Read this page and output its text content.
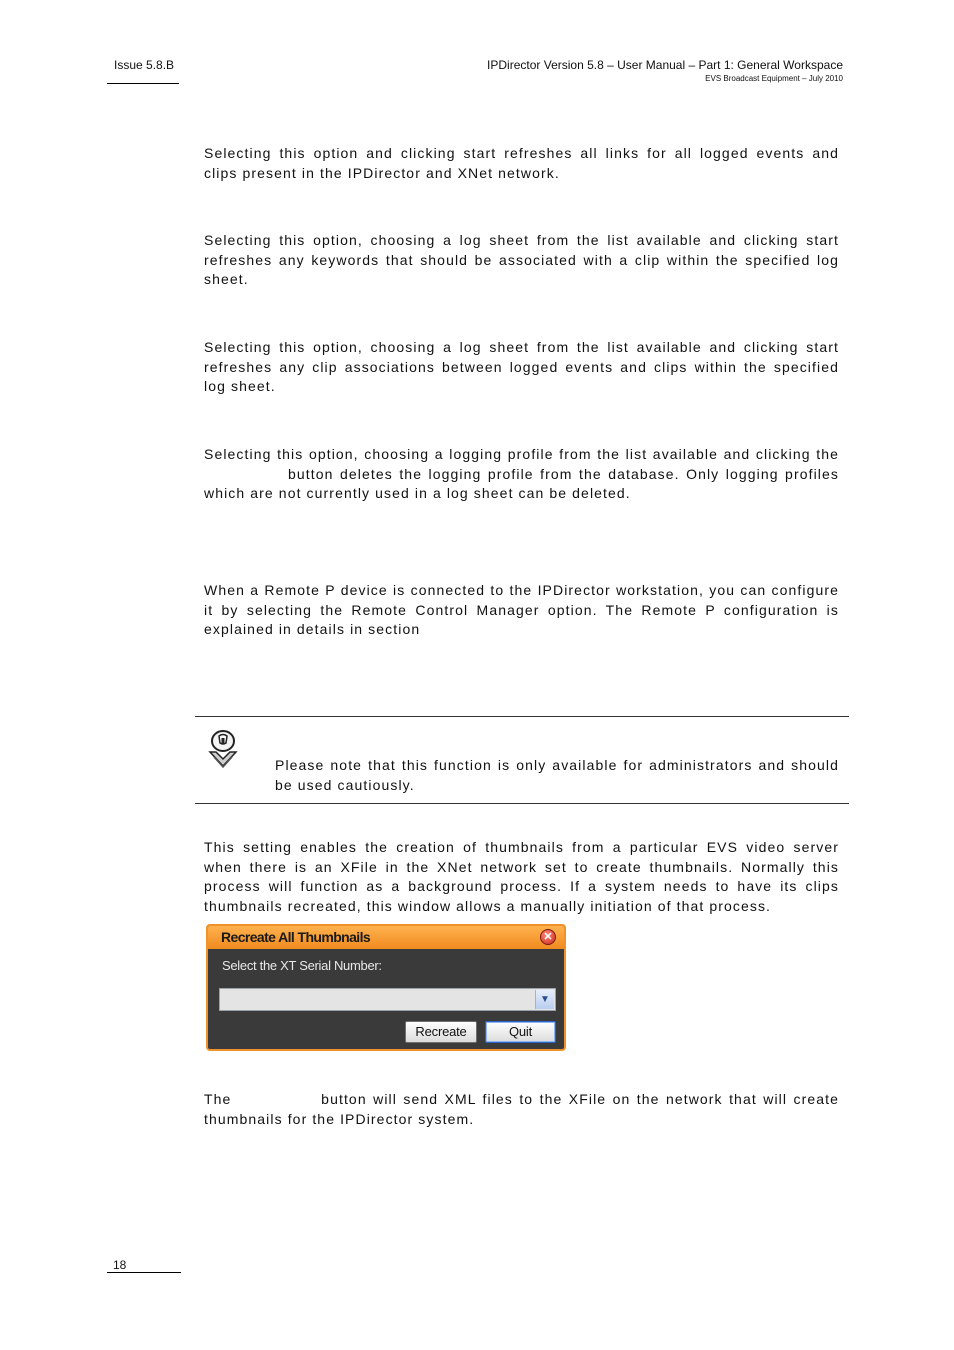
Issue 5.8.B	IPDirector Version 5.8 – User Manual – Part 1: General Workspace
EVS Broadcast Equipment – July 2010
Selecting this option and clicking start refreshes all links for all logged events and clips present in the IPDirector and XNet network.
Selecting this option, choosing a log sheet from the list available and clicking start refreshes any keywords that should be associated with a clip within the specified log sheet.
Selecting this option, choosing a log sheet from the list available and clicking start refreshes any clip associations between logged events and clips within the specified log sheet.
Selecting this option, choosing a logging profile from the list available and clicking the              button deletes the logging profile from the database. Only logging profiles which are not currently used in a log sheet can be deleted.
When a Remote P device is connected to the IPDirector workstation, you can configure it by selecting the Remote Control Manager option. The Remote P configuration is explained in details in section
Please note that this function is only available for administrators and should be used cautiously.
This setting enables the creation of thumbnails from a particular EVS video server when there is an XFile in the XNet network set to create thumbnails. Normally this process will function as a background process. If a system needs to have its clips thumbnails recreated, this window allows a manually initiation of that process.
Recreate All Thumbnails	✕
Select the XT Serial Number:
▼
Recreate	Quit
The              button will send XML files to the XFile on the network that will create thumbnails for the IPDirector system.
18
